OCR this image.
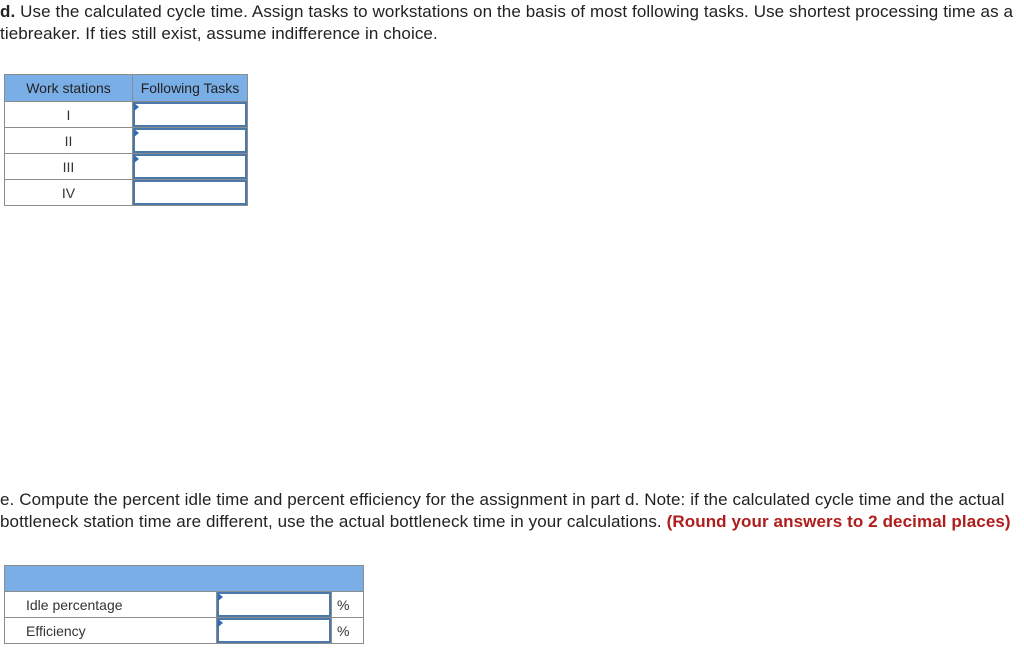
d. Use the calculated cycle time. Assign tasks to workstations on the basis of most following tasks. Use shortest processing time as a tiebreaker. If ties still exist, assume indifference in choice.
Work stations	Following Tasks
I	

II	

III	

IV	
e. Compute the percent idle time and percent efficiency for the assignment in part d. Note: if the calculated cycle time and the actual bottleneck station time are different, use the actual bottleneck time in your calculations. (Round your answers to 2 decimal places)

Idle percentage		%
Efficiency		%
